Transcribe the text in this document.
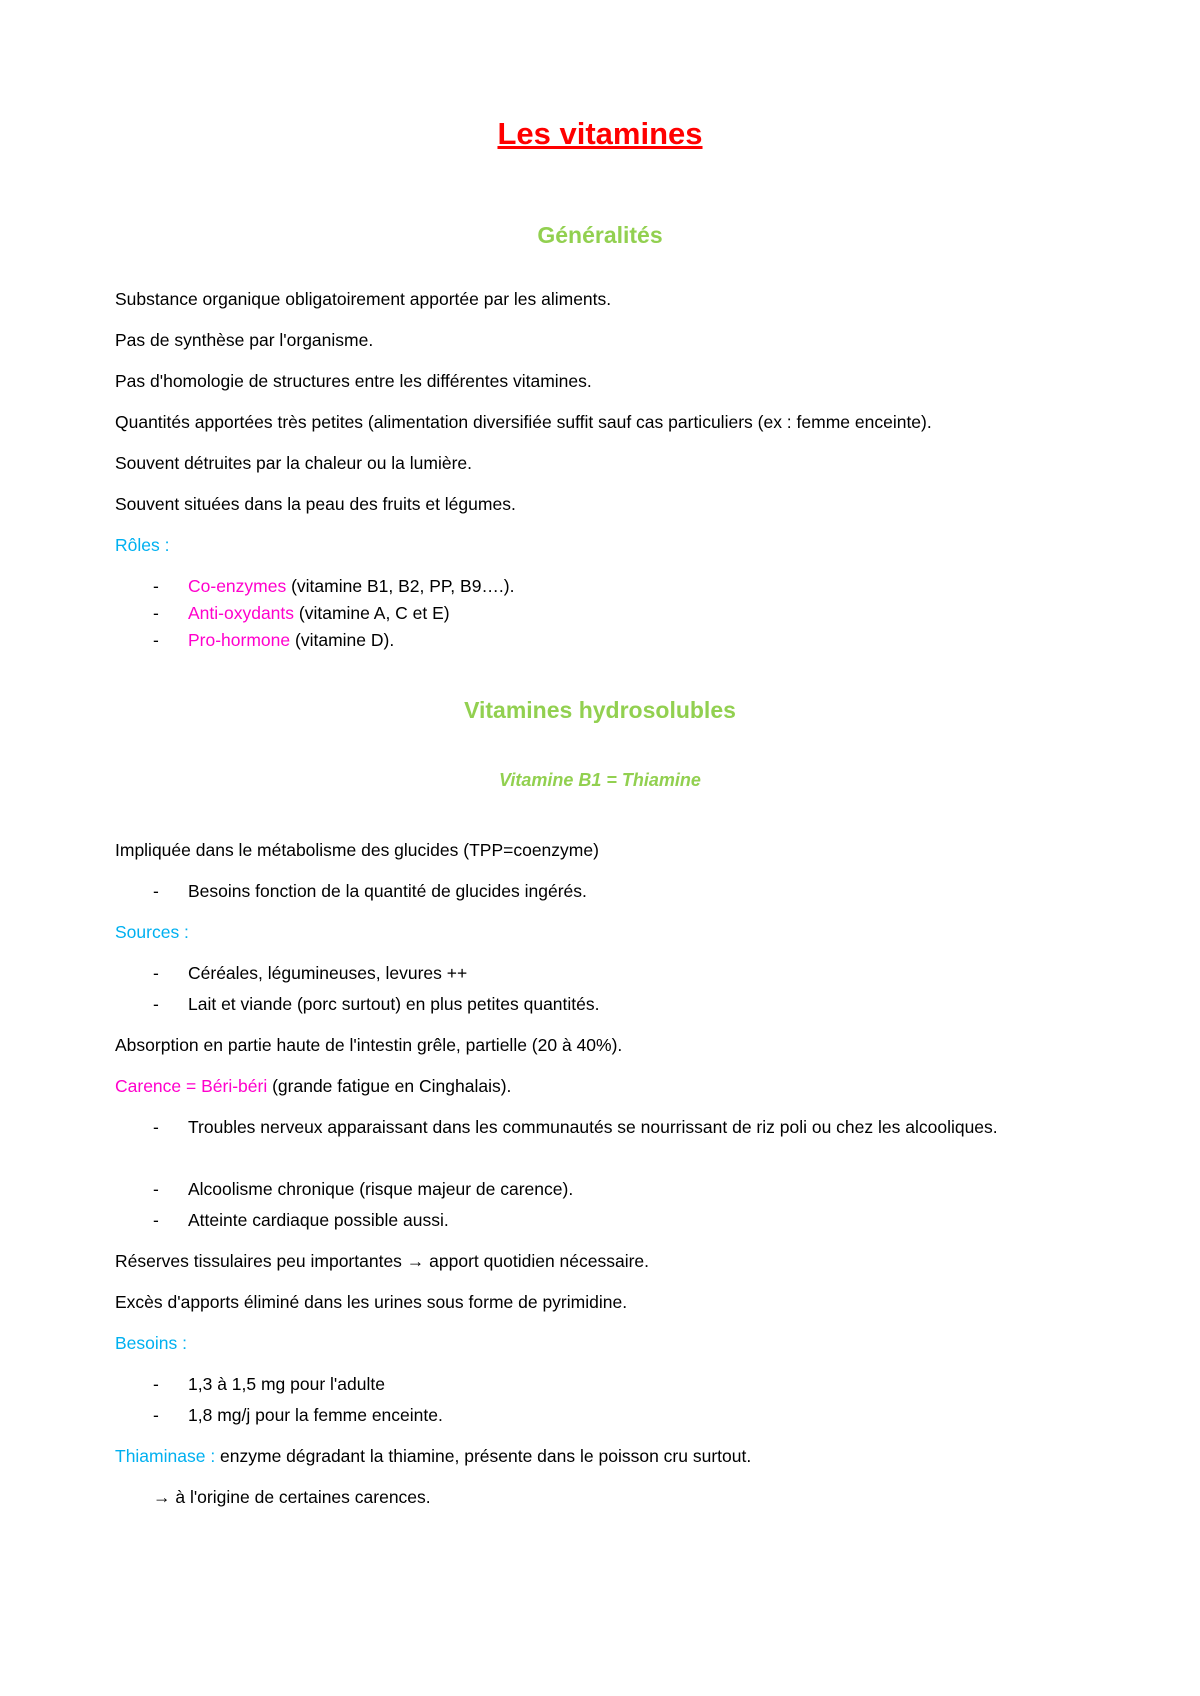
Les vitamines
Généralités
Substance organique obligatoirement apportée par les aliments.
Pas de synthèse par l'organisme.
Pas d'homologie de structures entre les différentes vitamines.
Quantités apportées très petites (alimentation diversifiée suffit sauf cas particuliers (ex : femme enceinte).
Souvent détruites par la chaleur ou la lumière.
Souvent situées dans la peau des fruits et légumes.
Rôles :
- Co-enzymes (vitamine B1, B2, PP, B9….).
- Anti-oxydants (vitamine A, C et E)
- Pro-hormone (vitamine D).
Vitamines hydrosolubles
Vitamine B1 = Thiamine
Impliquée dans le métabolisme des glucides (TPP=coenzyme)
- Besoins fonction de la quantité de glucides ingérés.
Sources :
- Céréales, légumineuses, levures ++
- Lait et viande (porc surtout) en plus petites quantités.
Absorption en partie haute de l'intestin grêle, partielle (20 à 40%).
Carence = Béri-béri (grande fatigue en Cinghalais).
- Troubles nerveux apparaissant dans les communautés se nourrissant de riz poli ou chez les alcooliques.
- Alcoolisme chronique (risque majeur de carence).
- Atteinte cardiaque possible aussi.
Réserves tissulaires peu importantes → apport quotidien nécessaire.
Excès d'apports éliminé dans les urines sous forme de pyrimidine.
Besoins :
- 1,3 à 1,5 mg pour l'adulte
- 1,8 mg/j pour la femme enceinte.
Thiaminase : enzyme dégradant la thiamine, présente dans le poisson cru surtout.
→ à l'origine de certaines carences.
